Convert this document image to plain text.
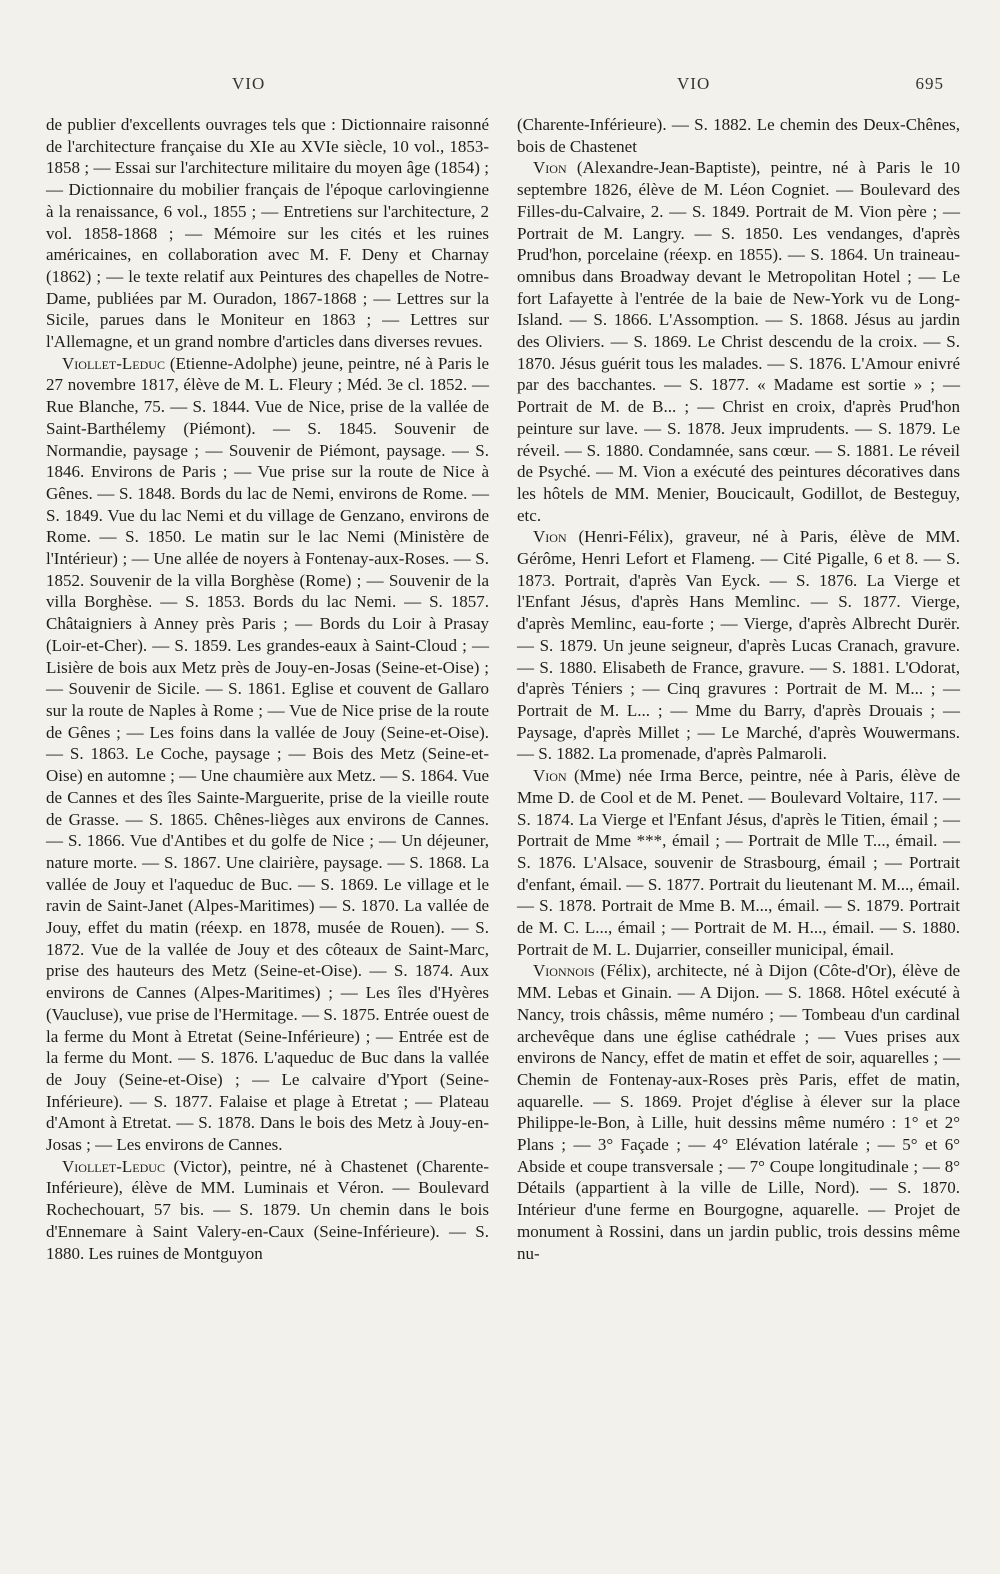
VIO	VIO	695

de publier d'excellents ouvrages tels que : Dictionnaire raisonné de l'architecture française du XIe au XVIe siècle, 10 vol., 1853-1858 ; — Essai sur l'architecture militaire du moyen âge (1854) ; — Dictionnaire du mobilier français de l'époque carlovingienne à la renaissance, 6 vol., 1855 ; — Entretiens sur l'architecture, 2 vol. 1858-1868 ; — Mémoire sur les cités et les ruines américaines, en collaboration avec M. F. Deny et Charnay (1862) ; — le texte relatif aux Peintures des chapelles de Notre-Dame, publiées par M. Ouradon, 1867-1868 ; — Lettres sur la Sicile, parues dans le Moniteur en 1863 ; — Lettres sur l'Allemagne, et un grand nombre d'articles dans diverses revues.

Viollet-Leduc (Etienne-Adolphe) jeune, peintre, né à Paris le 27 novembre 1817, élève de M. L. Fleury ; Méd. 3e cl. 1852. — Rue Blanche, 75. — S. 1844. Vue de Nice, prise de la vallée de Saint-Barthélemy (Piémont). — S. 1845. Souvenir de Normandie, paysage ; — Souvenir de Piémont, paysage. — S. 1846. Environs de Paris ; — Vue prise sur la route de Nice à Gênes. — S. 1848. Bords du lac de Nemi, environs de Rome. — S. 1849. Vue du lac Nemi et du village de Genzano, environs de Rome. — S. 1850. Le matin sur le lac Nemi (Ministère de l'Intérieur) ; — Une allée de noyers à Fontenay-aux-Roses. — S. 1852. Souvenir de la villa Borghèse (Rome) ; — Souvenir de la villa Borghèse. — S. 1853. Bords du lac Nemi. — S. 1857. Châtaigniers à Anney près Paris ; — Bords du Loir à Prasay (Loir-et-Cher). — S. 1859. Les grandes-eaux à Saint-Cloud ; — Lisière de bois aux Metz près de Jouy-en-Josas (Seine-et-Oise) ; — Souvenir de Sicile. — S. 1861. Eglise et couvent de Gallaro sur la route de Naples à Rome ; — Vue de Nice prise de la route de Gênes ; — Les foins dans la vallée de Jouy (Seine-et-Oise). — S. 1863. Le Coche, paysage ; — Bois des Metz (Seine-et-Oise) en automne ; — Une chaumière aux Metz. — S. 1864. Vue de Cannes et des îles Sainte-Marguerite, prise de la vieille route de Grasse. — S. 1865. Chênes-lièges aux environs de Cannes. — S. 1866. Vue d'Antibes et du golfe de Nice ; — Un déjeuner, nature morte. — S. 1867. Une clairière, paysage. — S. 1868. La vallée de Jouy et l'aqueduc de Buc. — S. 1869. Le village et le ravin de Saint-Janet (Alpes-Maritimes) — S. 1870. La vallée de Jouy, effet du matin (réexp. en 1878, musée de Rouen). — S. 1872. Vue de la vallée de Jouy et des côteaux de Saint-Marc, prise des hauteurs des Metz (Seine-et-Oise). — S. 1874. Aux environs de Cannes (Alpes-Maritimes) ; — Les îles d'Hyères (Vaucluse), vue prise de l'Hermitage. — S. 1875. Entrée ouest de la ferme du Mont à Etretat (Seine-Inférieure) ; — Entrée est de la ferme du Mont. — S. 1876. L'aqueduc de Buc dans la vallée de Jouy (Seine-et-Oise) ; — Le calvaire d'Yport (Seine-Inférieure). — S. 1877. Falaise et plage à Etretat ; — Plateau d'Amont à Etretat. — S. 1878. Dans le bois des Metz à Jouy-en-Josas ; — Les environs de Cannes.

Viollet-Leduc (Victor), peintre, né à Chastenet (Charente-Inférieure), élève de MM. Luminais et Véron. — Boulevard Rochechouart, 57 bis. — S. 1879. Un chemin dans le bois d'Ennemare à Saint Valery-en-Caux (Seine-Inférieure). — S. 1880. Les ruines de Montguyon

(Charente-Inférieure). — S. 1882. Le chemin des Deux-Chênes, bois de Chastenet

Vion (Alexandre-Jean-Baptiste), peintre, né à Paris le 10 septembre 1826, élève de M. Léon Cogniet. — Boulevard des Filles-du-Calvaire, 2. — S. 1849. Portrait de M. Vion père ; — Portrait de M. Langry. — S. 1850. Les vendanges, d'après Prud'hon, porcelaine (réexp. en 1855). — S. 1864. Un traineau-omnibus dans Broadway devant le Metropolitan Hotel ; — Le fort Lafayette à l'entrée de la baie de New-York vu de Long-Island. — S. 1866. L'Assomption. — S. 1868. Jésus au jardin des Oliviers. — S. 1869. Le Christ descendu de la croix. — S. 1870. Jésus guérit tous les malades. — S. 1876. L'Amour enivré par des bacchantes. — S. 1877. « Madame est sortie » ; — Portrait de M. de B... ; — Christ en croix, d'après Prud'hon peinture sur lave. — S. 1878. Jeux imprudents. — S. 1879. Le réveil. — S. 1880. Condamnée, sans cœur. — S. 1881. Le réveil de Psyché. — M. Vion a exécuté des peintures décoratives dans les hôtels de MM. Menier, Boucicault, Godillot, de Besteguy, etc.

Vion (Henri-Félix), graveur, né à Paris, élève de MM. Gérôme, Henri Lefort et Flameng. — Cité Pigalle, 6 et 8. — S. 1873. Portrait, d'après Van Eyck. — S. 1876. La Vierge et l'Enfant Jésus, d'après Hans Memlinc. — S. 1877. Vierge, d'après Memlinc, eau-forte ; — Vierge, d'après Albrecht Durër. — S. 1879. Un jeune seigneur, d'après Lucas Cranach, gravure. — S. 1880. Elisabeth de France, gravure. — S. 1881. L'Odorat, d'après Téniers ; — Cinq gravures : Portrait de M. M... ; — Portrait de M. L... ; — Mme du Barry, d'après Drouais ; — Paysage, d'après Millet ; — Le Marché, d'après Wouwermans. — S. 1882. La promenade, d'après Palmaroli.

Vion (Mme) née Irma Berce, peintre, née à Paris, élève de Mme D. de Cool et de M. Penet. — Boulevard Voltaire, 117. — S. 1874. La Vierge et l'Enfant Jésus, d'après le Titien, émail ; — Portrait de Mme ***, émail ; — Portrait de Mlle T..., émail. — S. 1876. L'Alsace, souvenir de Strasbourg, émail ; — Portrait d'enfant, émail. — S. 1877. Portrait du lieutenant M. M..., émail. — S. 1878. Portrait de Mme B. M..., émail. — S. 1879. Portrait de M. C. L..., émail ; — Portrait de M. H..., émail. — S. 1880. Portrait de M. L. Dujarrier, conseiller municipal, émail.

Vionnois (Félix), architecte, né à Dijon (Côte-d'Or), élève de MM. Lebas et Ginain. — A Dijon. — S. 1868. Hôtel exécuté à Nancy, trois châssis, même numéro ; — Tombeau d'un cardinal archevêque dans une église cathédrale ; — Vues prises aux environs de Nancy, effet de matin et effet de soir, aquarelles ; — Chemin de Fontenay-aux-Roses près Paris, effet de matin, aquarelle. — S. 1869. Projet d'église à élever sur la place Philippe-le-Bon, à Lille, huit dessins même numéro : 1° et 2° Plans ; — 3° Façade ; — 4° Elévation latérale ; — 5° et 6° Abside et coupe transversale ; — 7° Coupe longitudinale ; — 8° Détails (appartient à la ville de Lille, Nord). — S. 1870. Intérieur d'une ferme en Bourgogne, aquarelle. — Projet de monument à Rossini, dans un jardin public, trois dessins même nu-
